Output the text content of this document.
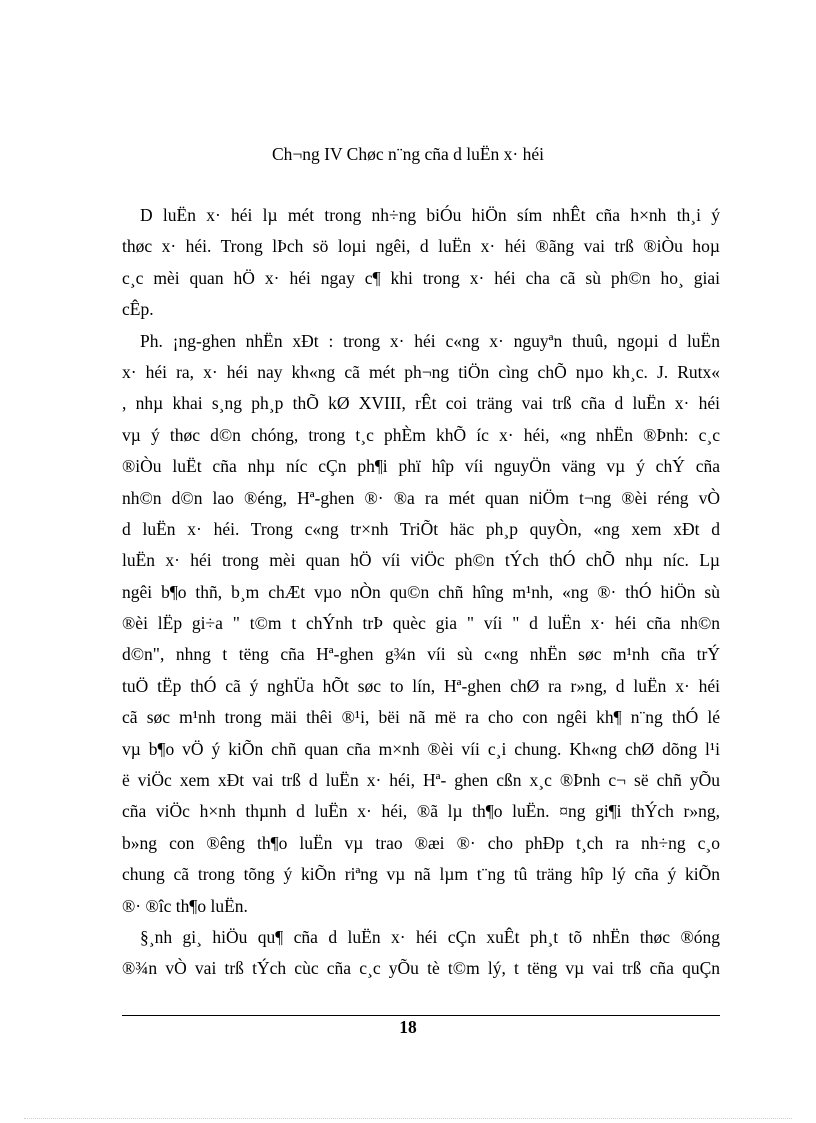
Ch¬ng IV Chøc n¨ng cña d luËn x· héi
D luËn x· héi lµ mét trong nh÷ng biÓu hiÖn sím nhÊt cña h×nh th¸i ý
thøc x· héi. Trong lÞch sö loµi ngêi, d luËn x· héi ®ãng vai trß ®iÒu hoµ
c¸c mèi quan hÖ x· héi ngay c¶ khi trong x· héi cha cã sù ph©n ho¸ giai
cÊp.
Ph. ¡ng-ghen nhËn xÐt : trong x· héi c«ng x· nguyªn thuû, ngoµi d luËn
x· héi ra, x· héi nay kh«ng cã mét ph¬ng tiÖn cìng chÕ nµo kh¸c. J. Rutx«
, nhµ khai s¸ng ph¸p thÕ kØ XVIII, rÊt coi träng vai trß cña d luËn x· héi
vµ ý thøc d©n chóng, trong t¸c phÈm khÕ íc x· héi, «ng nhËn ®Þnh: c¸c
®iÒu luËt cña nhµ níc cÇn ph¶i phï hîp víi nguyÖn väng vµ ý chÝ cña
nh©n d©n lao ®éng, Hª-ghen ®· ®a ra mét quan niÖm t¬ng ®èi réng vÒ
d luËn x· héi. Trong c«ng tr×nh TriÕt häc ph¸p quyÒn, «ng xem xÐt d
luËn x· héi trong mèi quan hÖ víi viÖc ph©n tÝch thÓ chÕ nhµ níc. Lµ
ngêi b¶o thñ, b¸m chÆt vµo nÒn qu©n chñ hîng m¹nh, «ng ®· thÓ hiÖn sù
®èi lËp gi÷a " t©m t chÝnh trÞ quèc gia " víi " d luËn x· héi cña nh©n
d©n", nhng t tëng cña Hª-ghen g¾n víi sù c«ng nhËn søc m¹nh cña trÝ
tuÖ tËp thÓ cã ý nghÜa hÕt søc to lín, Hª-ghen chØ ra r»ng, d luËn x· héi
cã søc m¹nh trong mäi thêi ®¹i, bëi nã më ra cho con ngêi kh¶ n¨ng thÓ lé
vµ b¶o vÖ ý kiÕn chñ quan cña m×nh ®èi víi c¸i chung. Kh«ng chØ dõng l¹i
ë viÖc xem xÐt vai trß d luËn x· héi, Hª- ghen cßn x¸c ®Þnh c¬ së chñ yÕu
cña viÖc h×nh thµnh d luËn x· héi, ®ã lµ th¶o luËn. ¤ng gi¶i thÝch r»ng,
b»ng con ®êng th¶o luËn vµ trao ®æi ®· cho phÐp t¸ch ra nh÷ng c¸o
chung cã trong tõng ý kiÕn riªng vµ nã lµm t¨ng tû träng hîp lý cña ý kiÕn
®· ®îc th¶o luËn.
§¸nh gi¸ hiÖu qu¶ cña d luËn x· héi cÇn xuÊt ph¸t tõ nhËn thøc ®óng
®¾n vÒ vai trß tÝch cùc cña c¸c yÕu tè t©m lý, t tëng vµ vai trß cña quÇn
18
